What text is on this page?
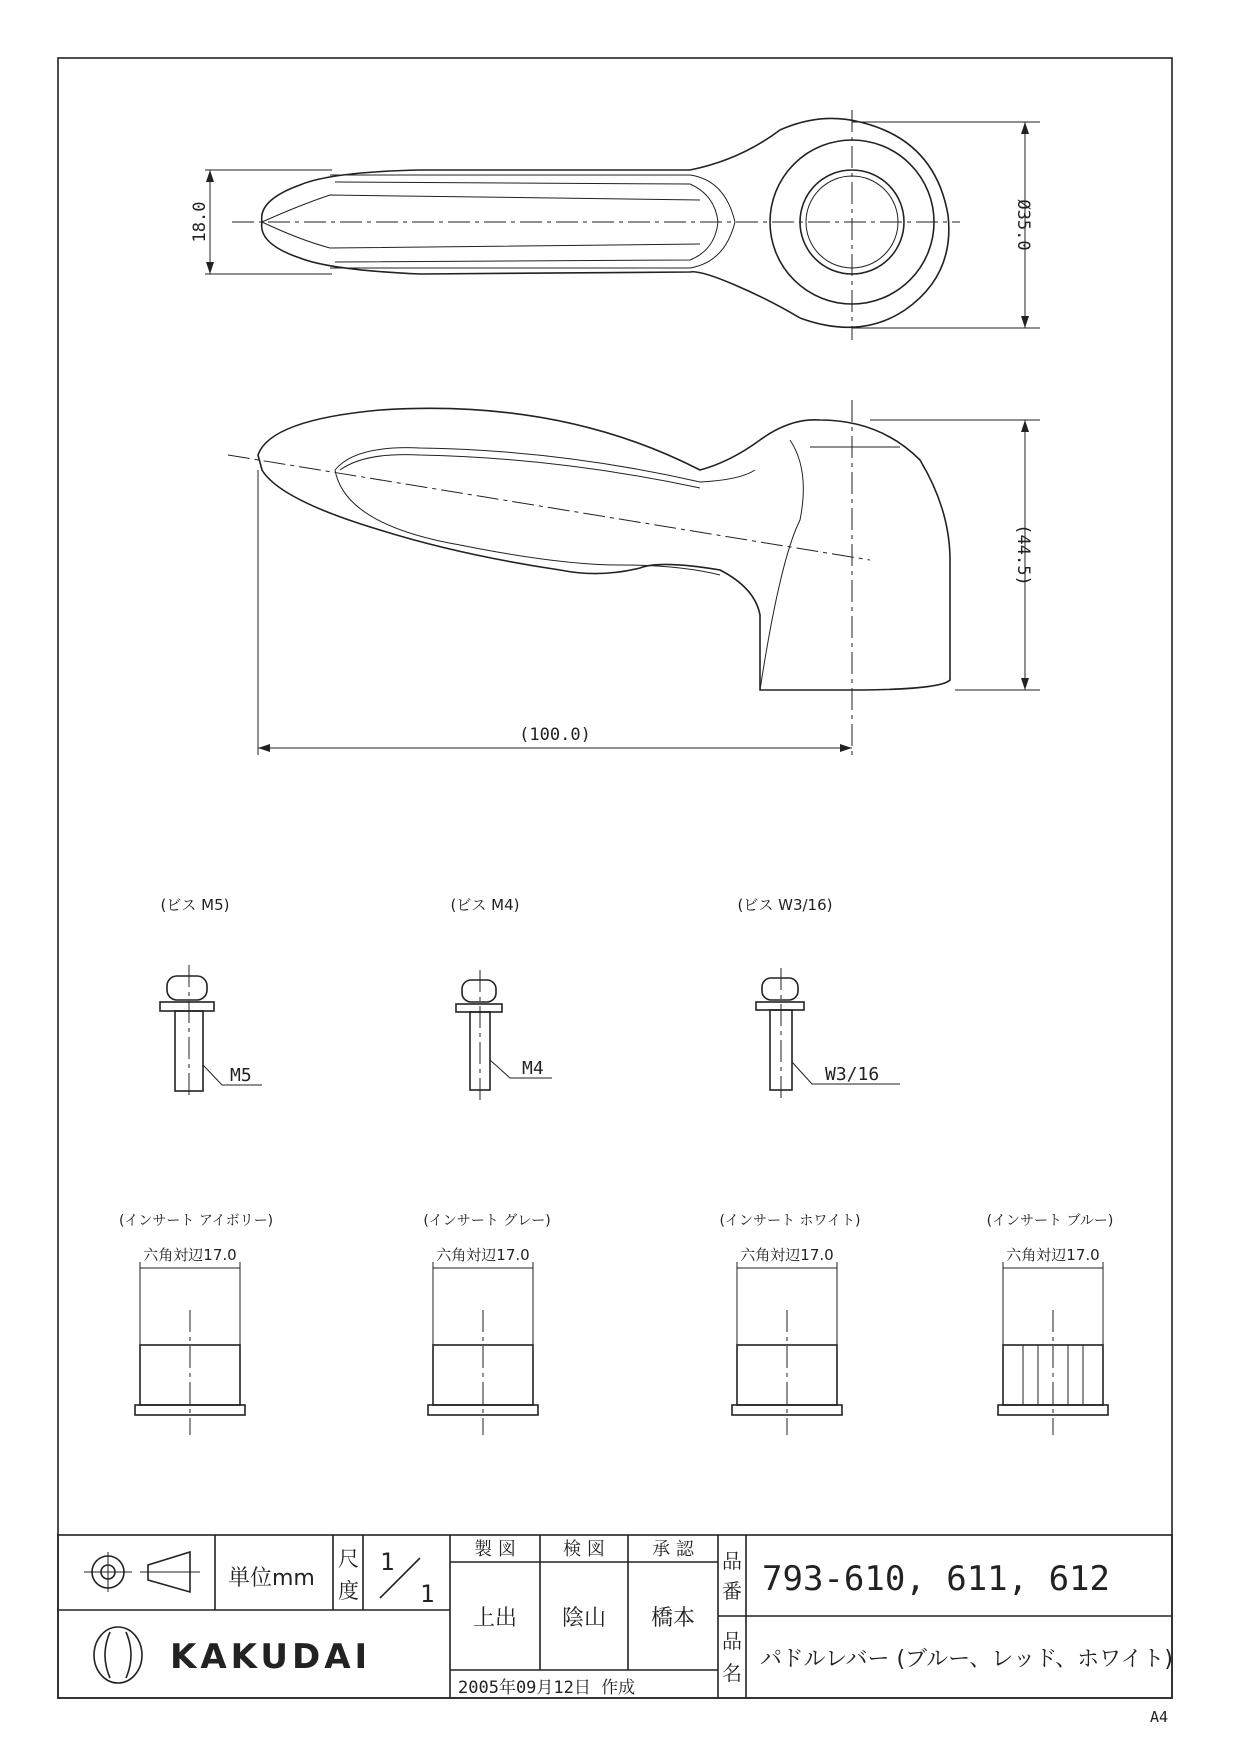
18.0	Ø35.0
(44.5)
(100.0)
(ビス M5)
M5
(ビス M4)
M4
(ビス W3/16)
W3/16
(インサート アイボリー)
六角対辺17.0
(インサート グレー)
六角対辺17.0
(インサート ホワイト)
六角対辺17.0
(インサート ブルー)
六角対辺17.0
単位mm
尺
度
1
1
製 図	検 図	承 認
上出 陰山 橋本
品
番 793-610, 611, 612
品
名
パドルレバー (ブルー、レッド、ホワイト)
KAKUDAI
2005年09月12日 作成
A4
